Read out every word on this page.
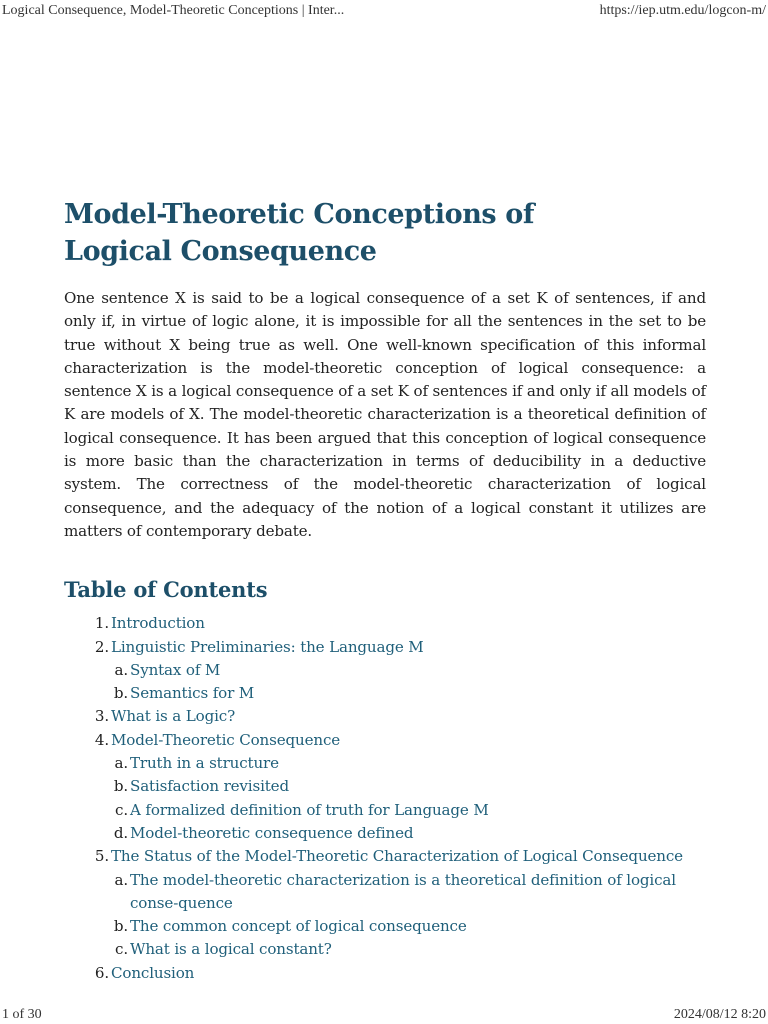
Logical Consequence, Model-Theoretic Conceptions | Inter...	https://iep.utm.edu/logcon-m/
Model-Theoretic Conceptions of
Logical Consequence

One sentence X is said to be a logical consequence of a set K of sentences, if and only if, in virtue of logic alone, it is impossible for all the sentences in the set to be true without X being true as well. One well-known specification of this informal characterization is the model-theoretic conception of logical consequence: a sentence X is a logical consequence of a set K of sentences if and only if all models of K are models of X. The model-theoretic characterization is a theoretical definition of logical consequence. It has been argued that this conception of logical consequence is more basic than the characterization in terms of deducibility in a deductive system. The correctness of the model-theoretic characterization of logical consequence, and the adequacy of the notion of a logical constant it utilizes are matters of contemporary debate.

Table of Contents
1. Introduction
2. Linguistic Preliminaries: the Language M
a. Syntax of M
b. Semantics for M
3. What is a Logic?
4. Model-Theoretic Consequence
a. Truth in a structure
b. Satisfaction revisited
c. A formalized definition of truth for Language M
d. Model-theoretic consequence defined
5. The Status of the Model-Theoretic Characterization of Logical Consequence
a. The model-theoretic characterization is a theoretical definition of logical conse-quence
b. The common concept of logical consequence
c. What is a logical constant?
6. Conclusion
1 of 30	2024/08/12 8:20
